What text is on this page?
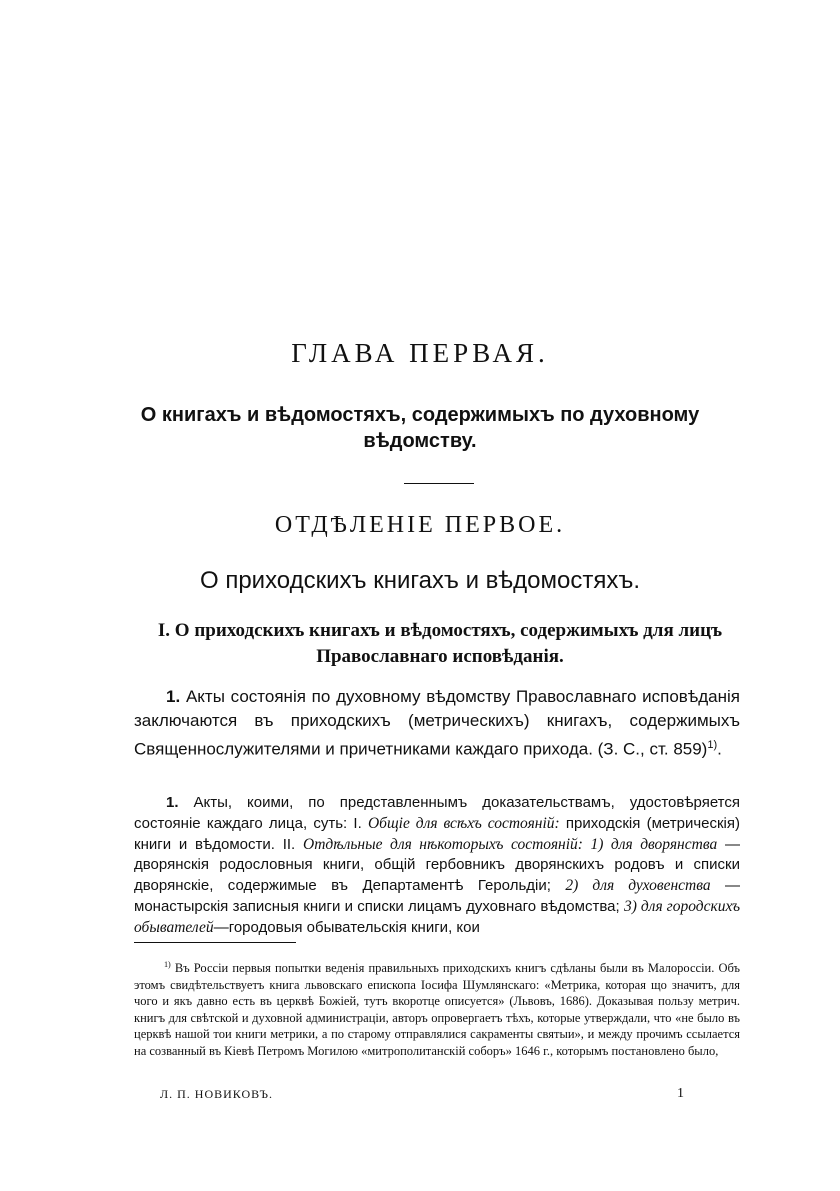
ГЛАВА ПЕРВАЯ.
О книгахъ и вѣдомостяхъ, содержимыхъ по духовному вѣдомству.
ОТДѢЛЕНІЕ ПЕРВОЕ.
О приходскихъ книгахъ и вѣдомостяхъ.
I. О приходскихъ книгахъ и вѣдомостяхъ, содержимыхъ для лицъ Православнаго исповѣданія.
1. Акты состоянія по духовному вѣдомству Православнаго исповѣданія заключаются въ приходскихъ (метрическихъ) книгахъ, содержимыхъ Священнослужителями и причетниками каждаго прихода. (З. С., ст. 859)$^{1)}$.
1. Акты, коими, по представленнымъ доказательствамъ, удостовѣряется состояніе каждаго лица, суть: I. Общіе для всѣхъ состояній: приходскія (метрическія) книги и вѣдомости. II. Отдѣльные для нѣкоторыхъ состояній: 1) для дворянства — дворянскія родословныя книги, общій гербовникъ дворянскихъ родовъ и списки дворянскіе, содержимые въ Департаментѣ Герольдіи; 2) для духовенства — монастырскія записныя книги и списки лицамъ духовнаго вѣдомства; 3) для городскихъ обывателей—городовыя обывательскія книги, кои
$^{1)}$ Въ Россіи первыя попытки веденія правильныхъ приходскихъ книгъ сдѣланы были въ Малороссіи. Объ этомъ свидѣтельствуетъ книга львовскаго епископа Іосифа Шумлянскаго: «Метрика, которая що значитъ, для чого и якъ давно есть въ церквѣ Божіей, тутъ вкоротце описуется» (Львовъ, 1686). Доказывая пользу метрич. книгъ для свѣтской и духовной администраціи, авторъ опровергаетъ тѣхъ, которые утверждали, что «не было въ церквѣ нашой тои книги метрики, а по старому отправлялися сакраменты святыи», и между прочимъ ссылается на созванный въ Кіевѣ Петромъ Могилою «митрополитанскій соборъ» 1646 г., которымъ постановлено было,
Л. П. НОВИКОВЪ.	1
